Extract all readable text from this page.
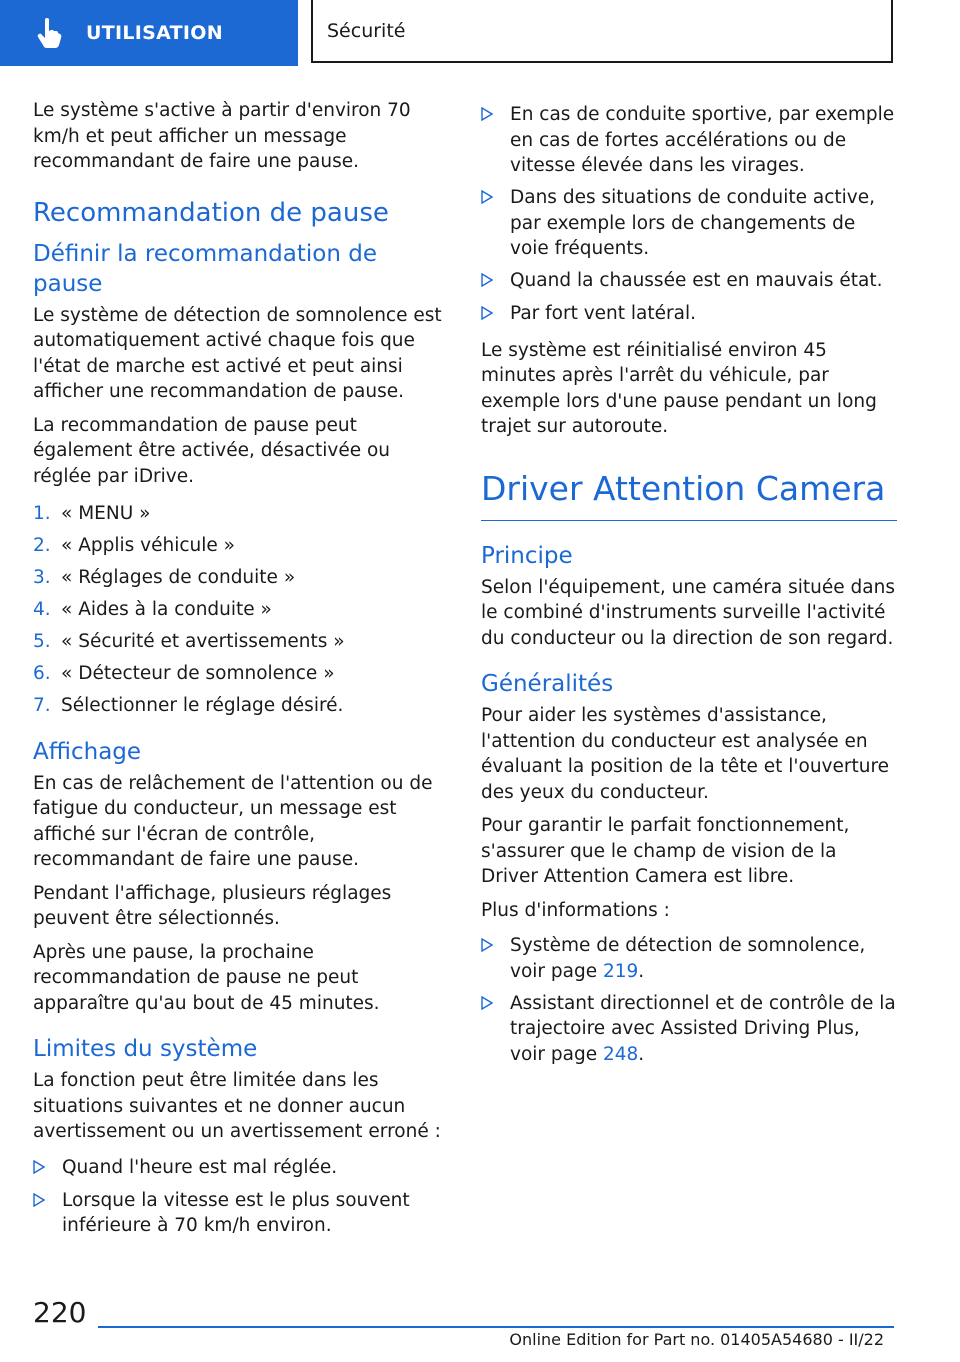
UTILISATION	Sécurité

Le système s'active à partir d'environ 70 km/h et peut afficher un message recommandant de faire une pause.

Recommandation de pause
Définir la recommandation de pause

Le système de détection de somnolence est automatiquement activé chaque fois que l'état de marche est activé et peut ainsi afficher une recommandation de pause.

La recommandation de pause peut également être activée, désactivée ou réglée par iDrive.

1. « MENU »
2. « Applis véhicule »
3. « Réglages de conduite »
4. « Aides à la conduite »
5. « Sécurité et avertissements »
6. « Détecteur de somnolence »
7. Sélectionner le réglage désiré.
Affichage

En cas de relâchement de l'attention ou de fatigue du conducteur, un message est affiché sur l'écran de contrôle, recommandant de faire une pause.

Pendant l'affichage, plusieurs réglages peuvent être sélectionnés.

Après une pause, la prochaine recommandation de pause ne peut apparaître qu'au bout de 45 minutes.

Limites du système

La fonction peut être limitée dans les situations suivantes et ne donner aucun avertissement ou un avertissement erroné :

Quand l'heure est mal réglée.
Lorsque la vitesse est le plus souvent inférieure à 70 km/h environ.
En cas de conduite sportive, par exemple en cas de fortes accélérations ou de vitesse élevée dans les virages.
Dans des situations de conduite active, par exemple lors de changements de voie fréquents.
Quand la chaussée est en mauvais état.
Par fort vent latéral.

Le système est réinitialisé environ 45 minutes après l'arrêt du véhicule, par exemple lors d'une pause pendant un long trajet sur autoroute.

Driver Attention Camera
Principe

Selon l'équipement, une caméra située dans le combiné d'instruments surveille l'activité du conducteur ou la direction de son regard.

Généralités

Pour aider les systèmes d'assistance, l'attention du conducteur est analysée en évaluant la position de la tête et l'ouverture des yeux du conducteur.

Pour garantir le parfait fonctionnement, s'assurer que le champ de vision de la Driver Attention Camera est libre.

Plus d'informations :

Système de détection de somnolence, voir page 219.
Assistant directionnel et de contrôle de la trajectoire avec Assisted Driving Plus, voir page 248.
220
Online Edition for Part no. 01405A54680 - II/22
